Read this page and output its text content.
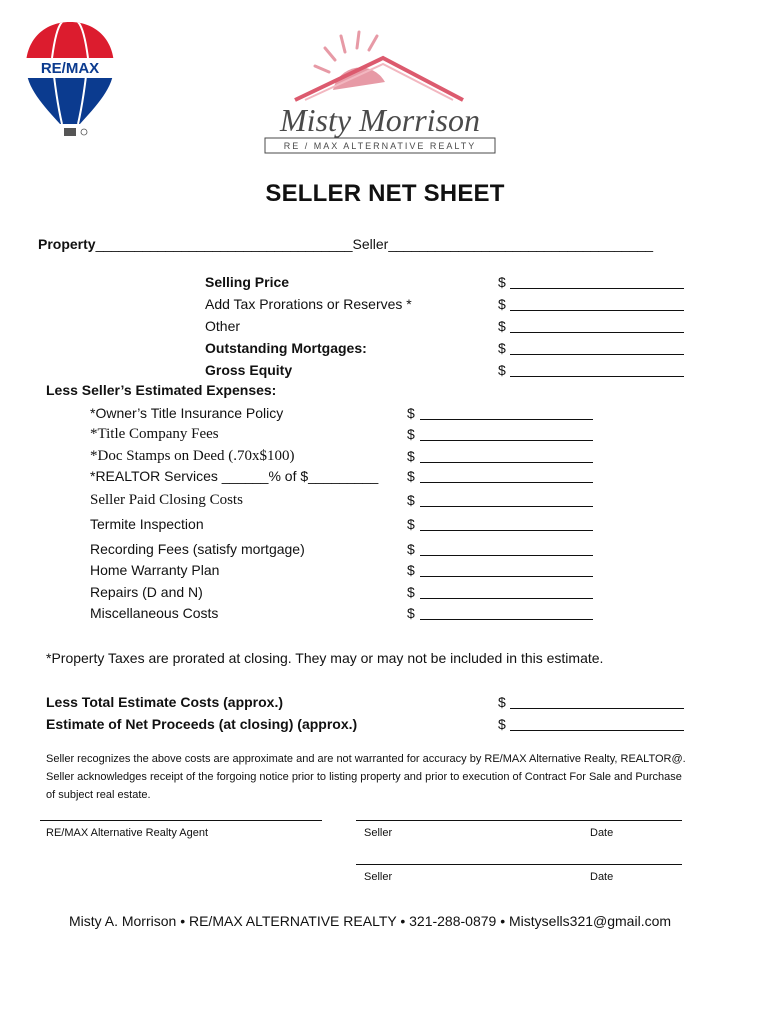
RE/MAX
Misty Morrison
RE / MAX ALTERNATIVE REALTY
SELLER NET SHEET
Property_________________________________Seller__________________________________
Selling Price	$
Add Tax Prorations or Reserves *	$
Other	$
Outstanding Mortgages:	$
Gross Equity	$
Less Seller’s Estimated Expenses:
*Owner’s Title Insurance Policy	$
*Title Company Fees	$
*Doc Stamps on Deed (.70x$100)	$
*REALTOR Services ______% of $_________ $
Seller Paid Closing Costs	$
Termite Inspection	$
Recording Fees (satisfy mortgage)	$
Home Warranty Plan	$
Repairs (D and N)	$
Miscellaneous Costs	$
*Property Taxes are prorated at closing. They may or may not be included in this estimate.
Less Total Estimate Costs (approx.)	$
Estimate of Net Proceeds (at closing) (approx.)	$
Seller recognizes the above costs are approximate and are not warranted for accuracy by RE/MAX Alternative Realty, REALTOR@.
Seller acknowledges receipt of the forgoing notice prior to listing property and prior to execution of Contract For Sale and Purchase
of subject real estate.
RE/MAX Alternative Realty Agent	Seller	Date
Seller	Date
Misty A. Morrison • RE/MAX ALTERNATIVE REALTY • 321-288-0879 • Mistysells321@gmail.com
